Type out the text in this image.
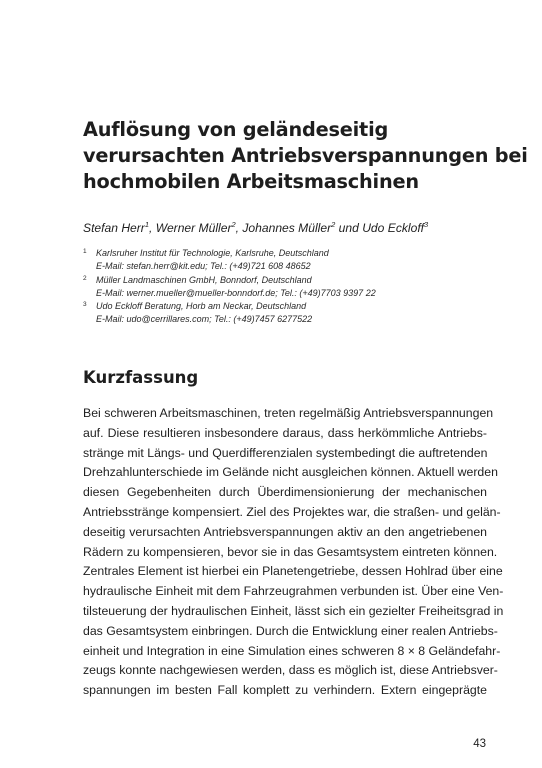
Auflösung von geländeseitig
verursachten Antriebsverspannungen bei
hochmobilen Arbeitsmaschinen
Stefan Herr$^1$, Werner Müller$^2$, Johannes Müller$^2$ und Udo Eckloff$^3$
1 Karlsruher Institut für Technologie, Karlsruhe, Deutschland
E-Mail: stefan.herr@kit.edu; Tel.: (+49)721 608 48652
2 Müller Landmaschinen GmbH, Bonndorf, Deutschland
E-Mail: werner.mueller@mueller-bonndorf.de; Tel.: (+49)7703 9397 22
3 Udo Eckloff Beratung, Horb am Neckar, Deutschland
E-Mail: udo@cerrillares.com; Tel.: (+49)7457 6277522
Kurzfassung
Bei schweren Arbeitsmaschinen, treten regelmäßig Antriebsverspannungen
auf. Diese resultieren insbesondere daraus, dass herkömmliche Antriebs-
stränge mit Längs- und Querdifferenzialen systembedingt die auftretenden
Drehzahlunterschiede im Gelände nicht ausgleichen können. Aktuell werden
diesen Gegebenheiten durch Überdimensionierung der mechanischen
Antriebsstränge kompensiert. Ziel des Projektes war, die straßen- und gelän-
deseitig verursachten Antriebsverspannungen aktiv an den angetriebenen
Rädern zu kompensieren, bevor sie in das Gesamtsystem eintreten können.
Zentrales Element ist hierbei ein Planetengetriebe, dessen Hohlrad über eine
hydraulische Einheit mit dem Fahrzeugrahmen verbunden ist. Über eine Ven-
tilsteuerung der hydraulischen Einheit, lässt sich ein gezielter Freiheitsgrad in
das Gesamtsystem einbringen. Durch die Entwicklung einer realen Antriebs-
einheit und Integration in eine Simulation eines schweren 8 × 8 Geländefahr-
zeugs konnte nachgewiesen werden, dass es möglich ist, diese Antriebsver-
spannungen im besten Fall komplett zu verhindern. Extern eingeprägte
43
